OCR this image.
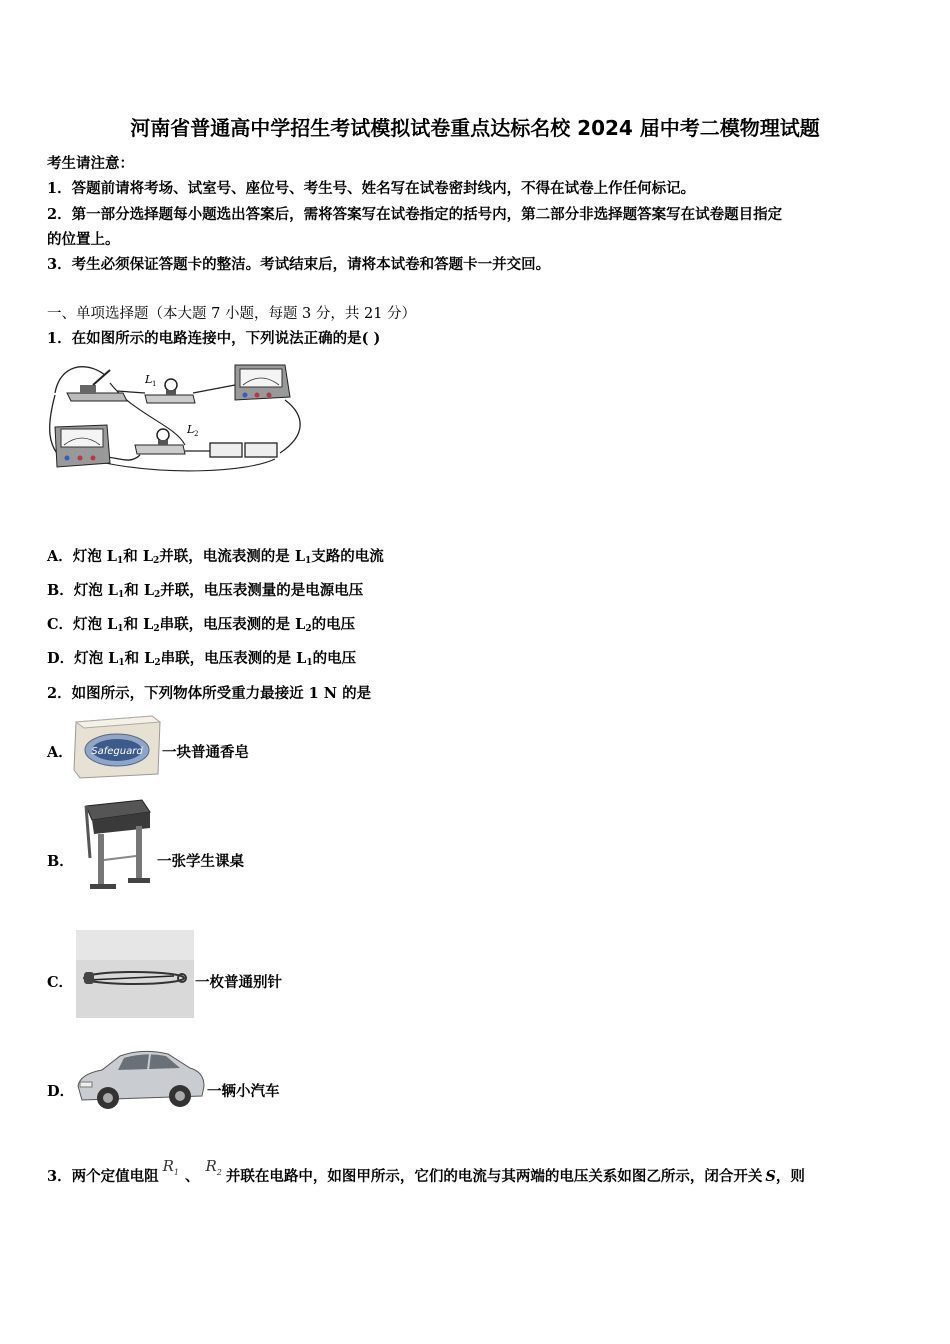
河南省普通高中学招生考试模拟试卷重点达标名校 2024 届中考二模物理试题
考生请注意：
1．答题前请将考场、试室号、座位号、考生号、姓名写在试卷密封线内，不得在试卷上作任何标记。
2．第一部分选择题每小题选出答案后，需将答案写在试卷指定的括号内，第二部分非选择题答案写在试卷题目指定
的位置上。
3．考生必须保证答题卡的整洁。考试结束后，请将本试卷和答题卡一并交回。
一、单项选择题（本大题 7 小题，每题 3 分，共 21 分）
1．在如图所示的电路连接中，下列说法正确的是( )
L 1
L 2
A．灯泡 $L_1$和 $L_2$并联，电流表测的是 $L_1$支路的电流
B．灯泡 $L_1$和 $L_2$并联，电压表测量的是电源电压
C．灯泡 $L_1$和 $L_2$串联，电压表测的是 $L_2$的电压
D．灯泡 $L_1$和 $L_2$串联，电压表测的是 $L_1$的电压
2．如图所示，下列物体所受重力最接近 1 N 的是
A． Safeguard 一块普通香皂
B．	一张学生课桌
C．	一枚普通别针
D．	一辆小汽车
3．两个定值电阻$R_1$ 、$R_2$ 并联在电路中，如图甲所示，它们的电流与其两端的电压关系如图乙所示，闭合开关 S，则
